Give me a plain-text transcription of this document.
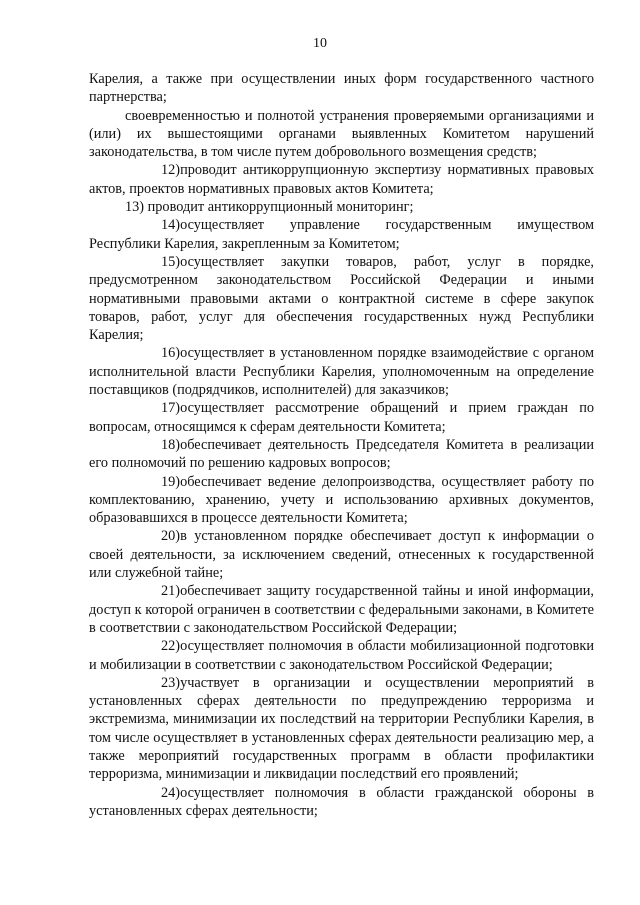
10

Карелия, а также при осуществлении иных форм государственного частного партнерства;

своевременностью и полнотой устранения проверяемыми организациями и (или) их вышестоящими органами выявленных Комитетом нарушений законодательства, в том числе путем добровольного возмещения средств;

12)проводит антикоррупционную экспертизу нормативных правовых актов, проектов нормативных правовых актов Комитета;

13) проводит антикоррупционный мониторинг;

14)осуществляет управление государственным имуществом Республики Карелия, закрепленным за Комитетом;

15)осуществляет закупки товаров, работ, услуг в порядке, предусмотренном законодательством Российской Федерации и иными нормативными правовыми актами о контрактной системе в сфере закупок товаров, работ, услуг для обеспечения государственных нужд Республики Карелия;

16)осуществляет в установленном порядке взаимодействие с органом исполнительной власти Республики Карелия, уполномоченным на определение поставщиков (подрядчиков, исполнителей) для заказчиков;

17)осуществляет рассмотрение обращений и прием граждан по вопросам, относящимся к сферам деятельности Комитета;

18)обеспечивает деятельность Председателя Комитета в реализации его полномочий по решению кадровых вопросов;

19)обеспечивает ведение делопроизводства, осуществляет работу по комплектованию, хранению, учету и использованию архивных документов, образовавшихся в процессе деятельности Комитета;

20)в установленном порядке обеспечивает доступ к информации о своей деятельности, за исключением сведений, отнесенных к государственной или служебной тайне;

21)обеспечивает защиту государственной тайны и иной информации, доступ к которой ограничен в соответствии с федеральными законами, в Комитете в соответствии с законодательством Российской Федерации;

22)осуществляет полномочия в области мобилизационной подготовки и мобилизации в соответствии с законодательством Российской Федерации;

23)участвует в организации и осуществлении мероприятий в установленных сферах деятельности по предупреждению терроризма и экстремизма, минимизации их последствий на территории Республики Карелия, в том числе осуществляет в установленных сферах деятельности реализацию мер, а также мероприятий государственных программ в области профилактики терроризма, минимизации и ликвидации последствий его проявлений;

24)осуществляет полномочия в области гражданской обороны в установленных сферах деятельности;
